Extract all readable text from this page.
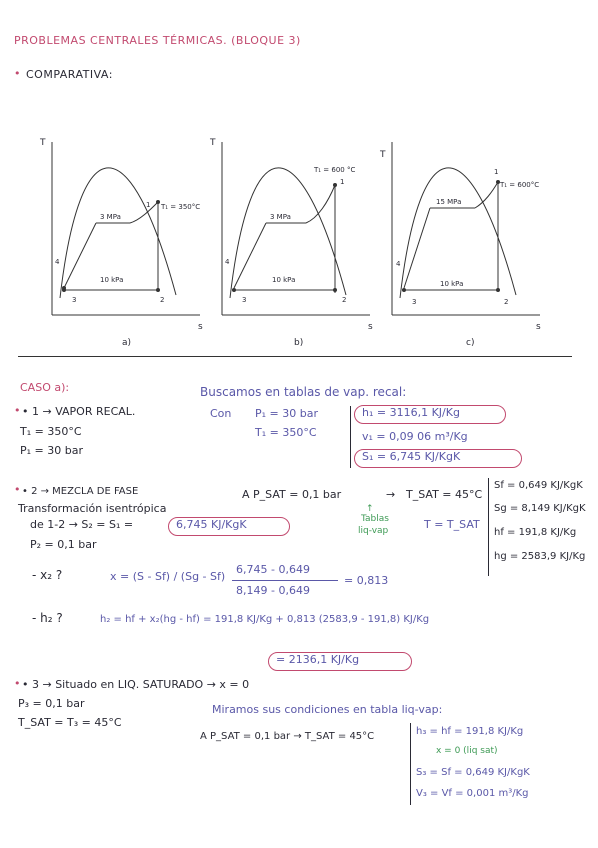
PROBLEMAS CENTRALES TÉRMICAS. (BLOQUE 3)
• COMPARATIVA:
T
s
3 MPa
10 kPa
T₁ = 350°C
1
2
3
4
a)
T
s
3 MPa
10 kPa
T₁ = 600 °C
1
2
3
4
b)
T
s
15 MPa
10 kPa
T₁ = 600°C
1
2
3
4
c)
CASO a):	Buscamos en tablas de vap. recal:
• • 1 → VAPOR RECAL.
T₁ = 350°C
P₁ = 30 bar
Con P₁ = 30 bar
T₁ = 350°C
h₁ = 3116,1 KJ/Kg
v₁ = 0,09 06 m³/Kg
S₁ = 6,745 KJ/KgK
• • 2 → MEZCLA DE FASE
Transformación isentrópica
de 1-2 → S₂ = S₁ =	6,745 KJ/KgK
P₂ = 0,1 bar
A P_SAT = 0,1 bar	→ T_SAT = 45°C
↑
Tablas
liq-vap	T = T_SAT
Sf = 0,649 KJ/KgK
Sg = 8,149 KJ/KgK
hf = 191,8 KJ/Kg
hg = 2583,9 KJ/Kg
- x₂ ?	x = (S - Sf) / (Sg - Sf)
6,745 - 0,649
8,149 - 0,649
= 0,813
- h₂ ?	h₂ = hf + x₂(hg - hf) = 191,8 KJ/Kg + 0,813 (2583,9 - 191,8) KJ/Kg
= 2136,1 KJ/Kg
• • 3 → Situado en LIQ. SATURADO → x = 0
P₃ = 0,1 bar
T_SAT = T₃ = 45°C
Miramos sus condiciones en tabla liq-vap:
A P_SAT = 0,1 bar → T_SAT = 45°C	h₃ = hf = 191,8 KJ/Kg
x = 0 (liq sat)
S₃ = Sf = 0,649 KJ/KgK
V₃ = Vf = 0,001 m³/Kg
